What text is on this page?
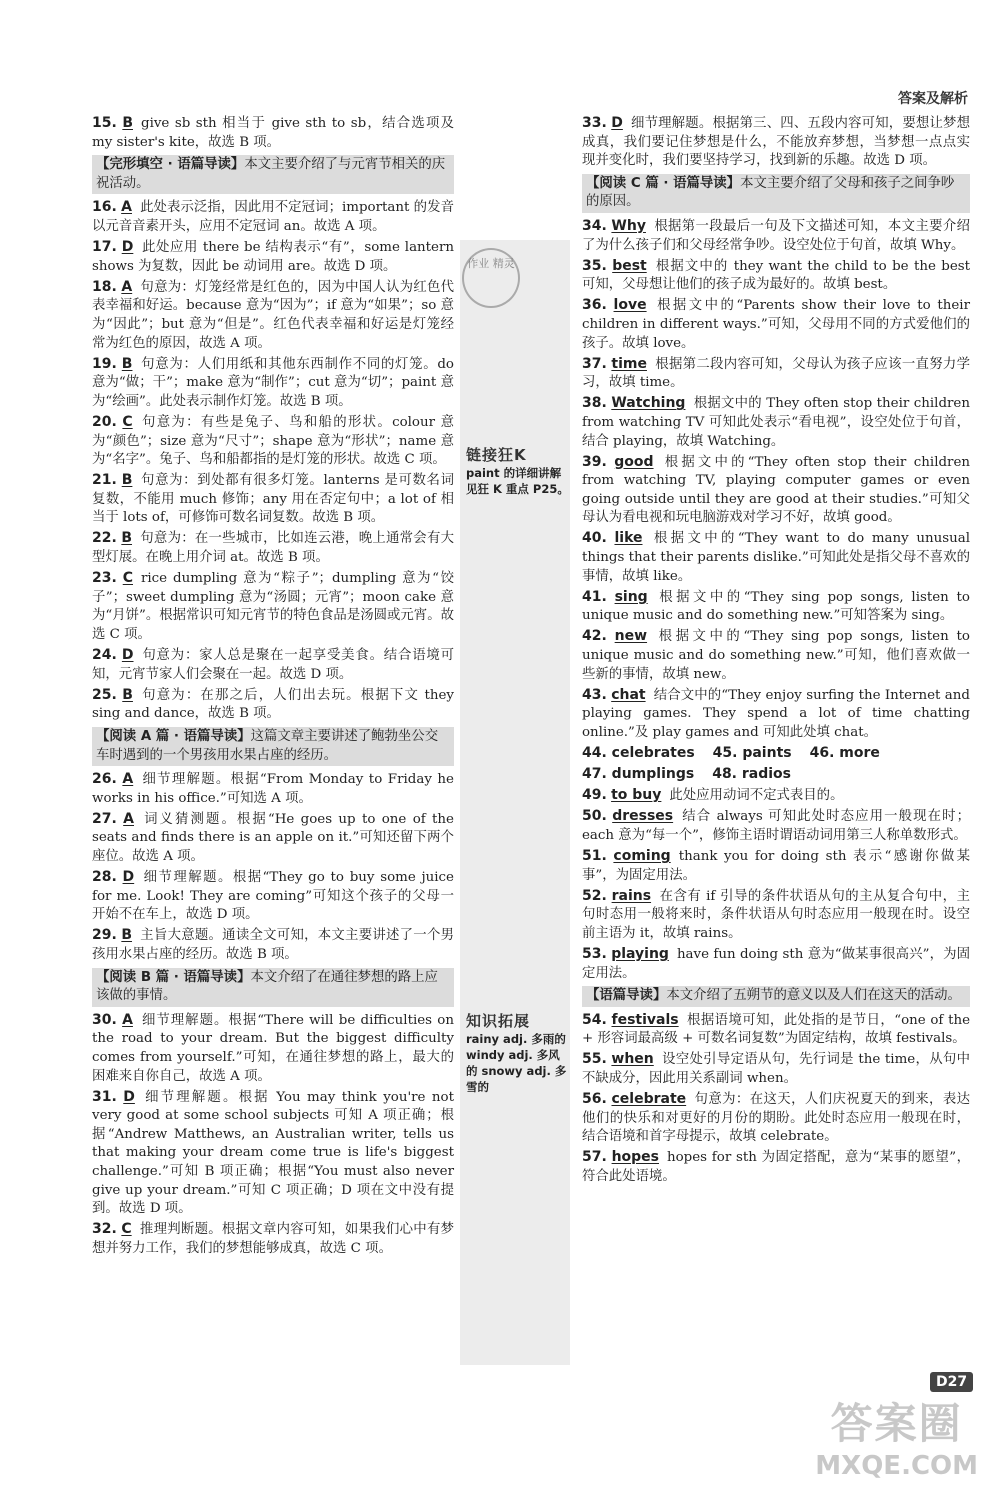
答案及解析
作业 精灵
链接狂K
paint 的详细讲解见狂 K 重点 P25。
知识拓展
rainy adj. 多雨的 windy adj. 多风的 snowy adj. 多雪的
15. B give sb sth 相当于 give sth to sb，结合选项及 my sister's kite，故选 B 项。
【完形填空 · 语篇导读】本文主要介绍了与元宵节相关的庆祝活动。
16. A 此处表示泛指，因此用不定冠词；important 的发音以元音音素开头，应用不定冠词 an。故选 A 项。
17. D 此处应用 there be 结构表示“有”，some lantern shows 为复数，因此 be 动词用 are。故选 D 项。
18. A 句意为：灯笼经常是红色的，因为中国人认为红色代表幸福和好运。because 意为“因为”；if 意为“如果”；so 意为“因此”；but 意为“但是”。红色代表幸福和好运是灯笼经常为红色的原因，故选 A 项。
19. B 句意为：人们用纸和其他东西制作不同的灯笼。do 意为“做；干”；make 意为“制作”；cut 意为“切”；paint 意为“绘画”。此处表示制作灯笼。故选 B 项。
20. C 句意为：有些是兔子、鸟和船的形状。colour 意为“颜色”；size 意为“尺寸”；shape 意为“形状”；name 意为“名字”。兔子、鸟和船都指的是灯笼的形状。故选 C 项。
21. B 句意为：到处都有很多灯笼。lanterns 是可数名词复数，不能用 much 修饰；any 用在否定句中；a lot of 相当于 lots of，可修饰可数名词复数。故选 B 项。
22. B 句意为：在一些城市，比如连云港，晚上通常会有大型灯展。在晚上用介词 at。故选 B 项。
23. C rice dumpling 意为“粽子”；dumpling 意为“饺子”；sweet dumpling 意为“汤圆；元宵”；moon cake 意为“月饼”。根据常识可知元宵节的特色食品是汤圆或元宵。故选 C 项。
24. D 句意为：家人总是聚在一起享受美食。结合语境可知，元宵节家人们会聚在一起。故选 D 项。
25. B 句意为：在那之后，人们出去玩。根据下文 they sing and dance，故选 B 项。
【阅读 A 篇 · 语篇导读】这篇文章主要讲述了鲍勃坐公交车时遇到的一个男孩用水果占座的经历。
26. A 细节理解题。根据“From Monday to Friday he works in his office.”可知选 A 项。
27. A 词义猜测题。根据“He goes up to one of the seats and finds there is an apple on it.”可知还留下两个座位。故选 A 项。
28. D 细节理解题。根据“They go to buy some juice for me. Look! They are coming”可知这个孩子的父母一开始不在车上，故选 D 项。
29. B 主旨大意题。通读全文可知，本文主要讲述了一个男孩用水果占座的经历。故选 B 项。
【阅读 B 篇 · 语篇导读】本文介绍了在通往梦想的路上应该做的事情。
30. A 细节理解题。根据“There will be difficulties on the road to your dream. But the biggest difficulty comes from yourself.”可知，在通往梦想的路上，最大的困难来自你自己，故选 A 项。
31. D 细节理解题。根据 You may think you're not very good at some school subjects 可知 A 项正确；根据“Andrew Matthews, an Australian writer, tells us that making your dream come true is life's biggest challenge.”可知 B 项正确；根据“You must also never give up your dream.”可知 C 项正确；D 项在文中没有提到。故选 D 项。
32. C 推理判断题。根据文章内容可知，如果我们心中有梦想并努力工作，我们的梦想能够成真，故选 C 项。
33. D 细节理解题。根据第三、四、五段内容可知，要想让梦想成真，我们要记住梦想是什么，不能放弃梦想，当梦想一点点实现并变化时，我们要坚持学习，找到新的乐趣。故选 D 项。
【阅读 C 篇 · 语篇导读】本文主要介绍了父母和孩子之间争吵的原因。
34. Why 根据第一段最后一句及下文描述可知，本文主要介绍了为什么孩子们和父母经常争吵。设空处位于句首，故填 Why。
35. best 根据文中的 they want the child to be the best 可知，父母想让他们的孩子成为最好的。故填 best。
36. love 根据文中的“Parents show their love to their children in different ways.”可知，父母用不同的方式爱他们的孩子。故填 love。
37. time 根据第二段内容可知，父母认为孩子应该一直努力学习，故填 time。
38. Watching 根据文中的 They often stop their children from watching TV 可知此处表示“看电视”，设空处位于句首，结合 playing，故填 Watching。
39. good 根据文中的“They often stop their children from watching TV, playing computer games or even going outside until they are good at their studies.”可知父母认为看电视和玩电脑游戏对学习不好，故填 good。
40. like 根据文中的“They want to do many unusual things that their parents dislike.”可知此处是指父母不喜欢的事情，故填 like。
41. sing 根据文中的“They sing pop songs, listen to unique music and do something new.”可知答案为 sing。
42. new 根据文中的“They sing pop songs, listen to unique music and do something new.”可知，他们喜欢做一些新的事情，故填 new。
43. chat 结合文中的“They enjoy surfing the Internet and playing games. They spend a lot of time chatting online.”及 play games and 可知此处填 chat。
44. celebrates 45. paints 46. more
47. dumplings 48. radios
49. to buy 此处应用动词不定式表目的。
50. dresses 结合 always 可知此处时态应用一般现在时；each 意为“每一个”，修饰主语时谓语动词用第三人称单数形式。
51. coming thank you for doing sth 表示“感谢你做某事”，为固定用法。
52. rains 在含有 if 引导的条件状语从句的主从复合句中，主句时态用一般将来时，条件状语从句时态应用一般现在时。设空前主语为 it，故填 rains。
53. playing have fun doing sth 意为“做某事很高兴”，为固定用法。
【语篇导读】本文介绍了五朔节的意义以及人们在这天的活动。
54. festivals 根据语境可知，此处指的是节日，“one of the + 形容词最高级 + 可数名词复数”为固定结构，故填 festivals。
55. when 设空处引导定语从句，先行词是 the time，从句中不缺成分，因此用关系副词 when。
56. celebrate 句意为：在这天，人们庆祝夏天的到来，表达他们的快乐和对更好的月份的期盼。此处时态应用一般现在时，结合语境和首字母提示，故填 celebrate。
57. hopes hopes for sth 为固定搭配，意为“某事的愿望”，符合此处语境。
D27
答案圈
MXQE.COM
